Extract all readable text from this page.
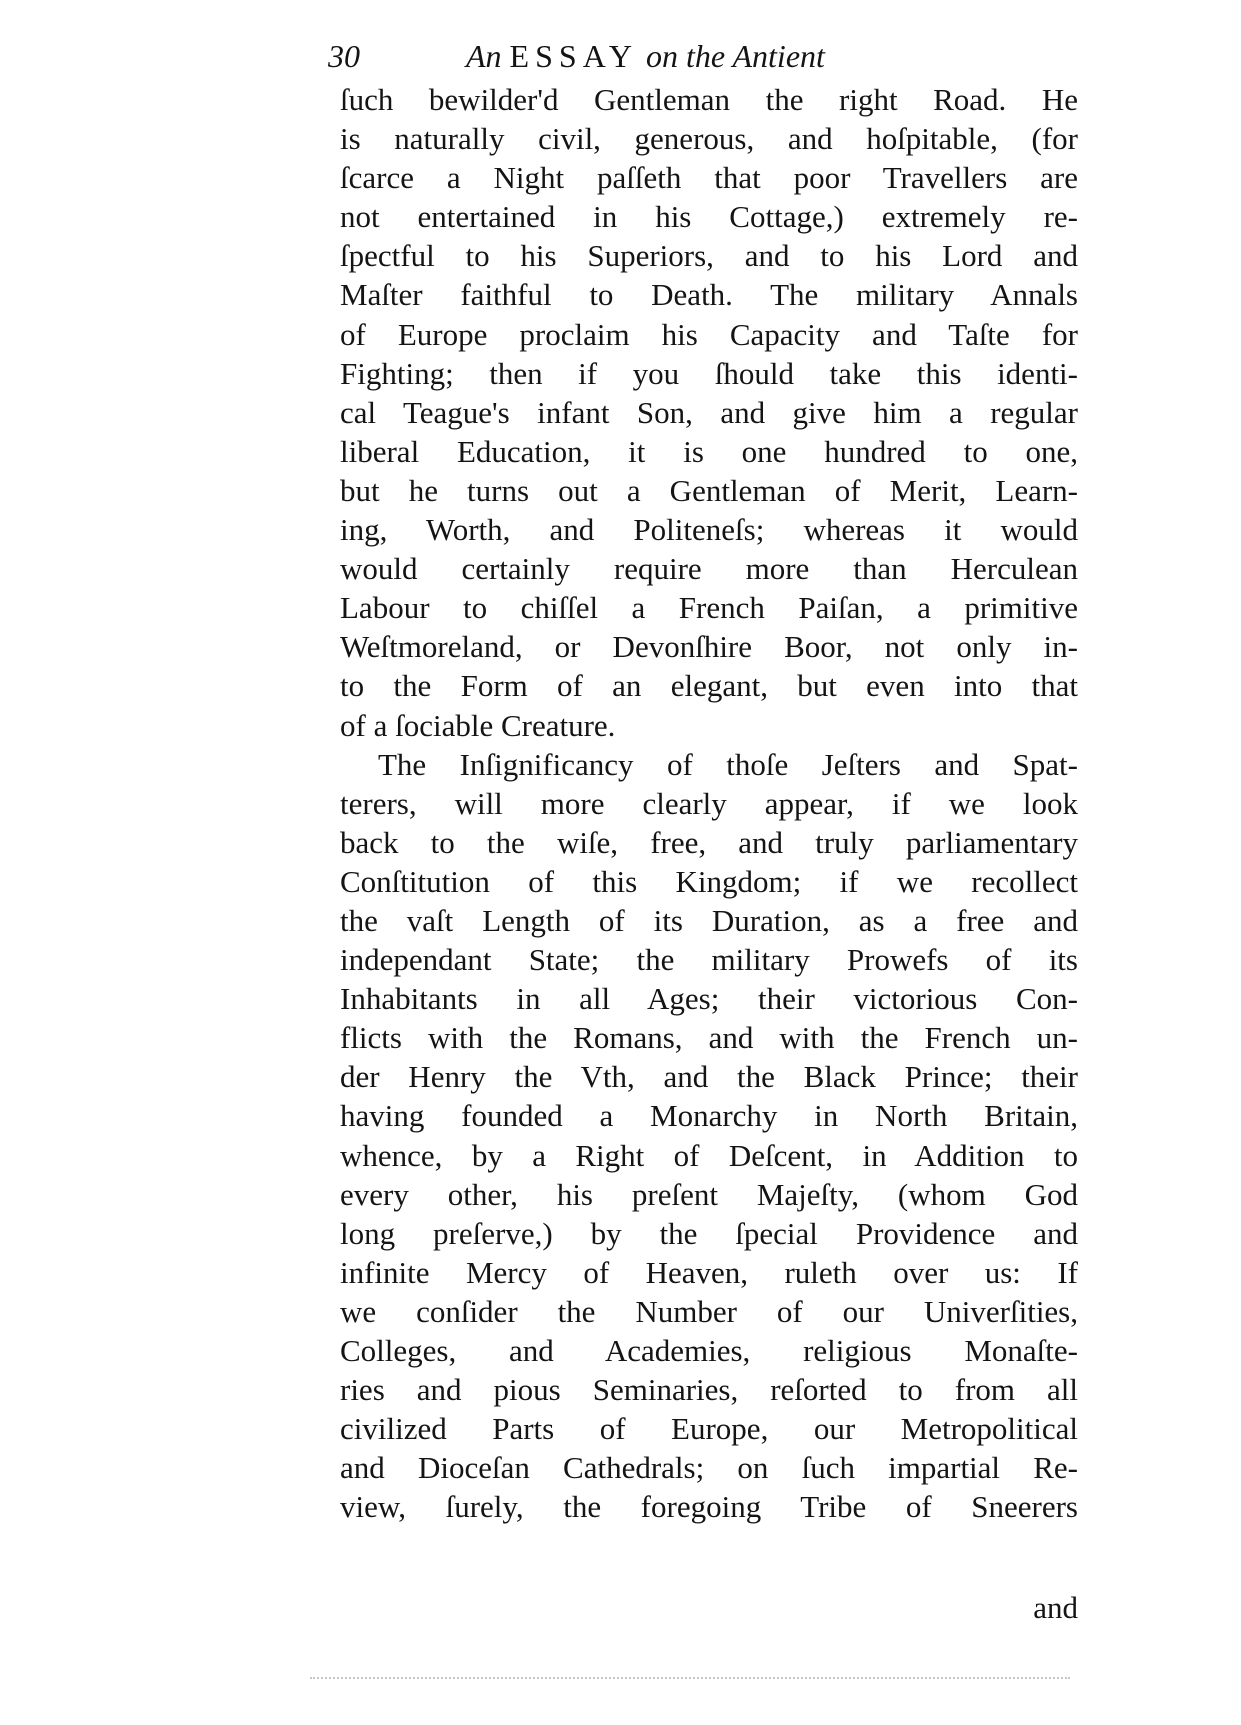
30	An ESSAY on the Antient
ſuch bewilder'd Gentleman the right Road. He
is naturally civil, generous, and hoſpitable, (for
ſcarce a Night paſſeth that poor Travellers are
not entertained in his Cottage,) extremely re-
ſpectful to his Superiors, and to his Lord and
Maſter faithful to Death. The military Annals
of Europe proclaim his Capacity and Taſte for
Fighting; then if you ſhould take this identi-
cal Teague's infant Son, and give him a regular
liberal Education, it is one hundred to one,
but he turns out a Gentleman of Merit, Learn-
ing, Worth, and Politeneſs; whereas it would
would certainly require more than Herculean
Labour to chiſſel a French Paiſan, a primitive
Weſtmoreland, or Devonſhire Boor, not only in-
to the Form of an elegant, but even into that
of a ſociable Creature.
The Inſignificancy of thoſe Jeſters and Spat-
terers, will more clearly appear, if we look
back to the wiſe, free, and truly parliamentary
Conſtitution of this Kingdom; if we recollect
the vaſt Length of its Duration, as a free and
independant State; the military Prowefs of its
Inhabitants in all Ages; their victorious Con-
flicts with the Romans, and with the French un-
der Henry the Vth, and the Black Prince; their
having founded a Monarchy in North Britain,
whence, by a Right of Deſcent, in Addition to
every other, his preſent Majeſty, (whom God
long preſerve,) by the ſpecial Providence and
infinite Mercy of Heaven, ruleth over us: If
we conſider the Number of our Univerſities,
Colleges, and Academies, religious Monaſte-
ries and pious Seminaries, reſorted to from all
civilized Parts of Europe, our Metropolitical
and Dioceſan Cathedrals; on ſuch impartial Re-
view, ſurely, the foregoing Tribe of Sneerers
and
